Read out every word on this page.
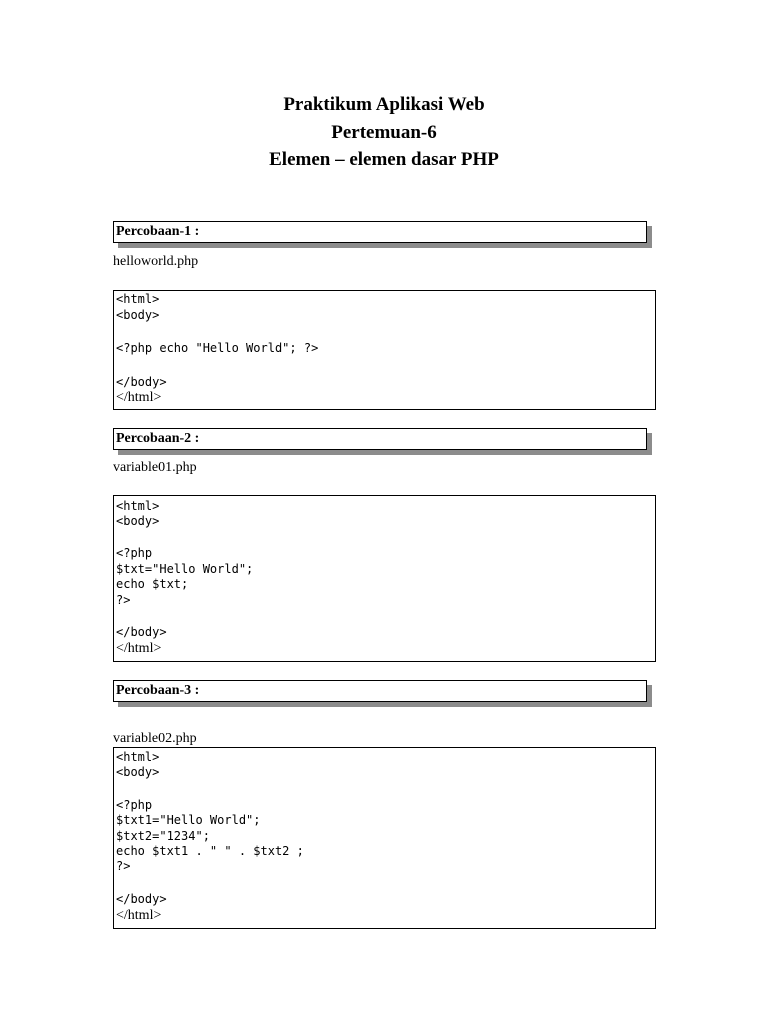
Praktikum Aplikasi Web
Pertemuan-6
Elemen – elemen dasar PHP
Percobaan-1 :
helloworld.php
<html>
<body>
<?php echo "Hello World"; ?>
</body>
</html>
Percobaan-2 :
variable01.php
<html>
<body>
<?php
$txt="Hello World";
echo $txt;
?>
</body>
</html>
Percobaan-3 :
variable02.php
<html>
<body>
<?php
$txt1="Hello World";
$txt2="1234";
echo $txt1 . " " . $txt2 ;
?>
</body>
</html>
